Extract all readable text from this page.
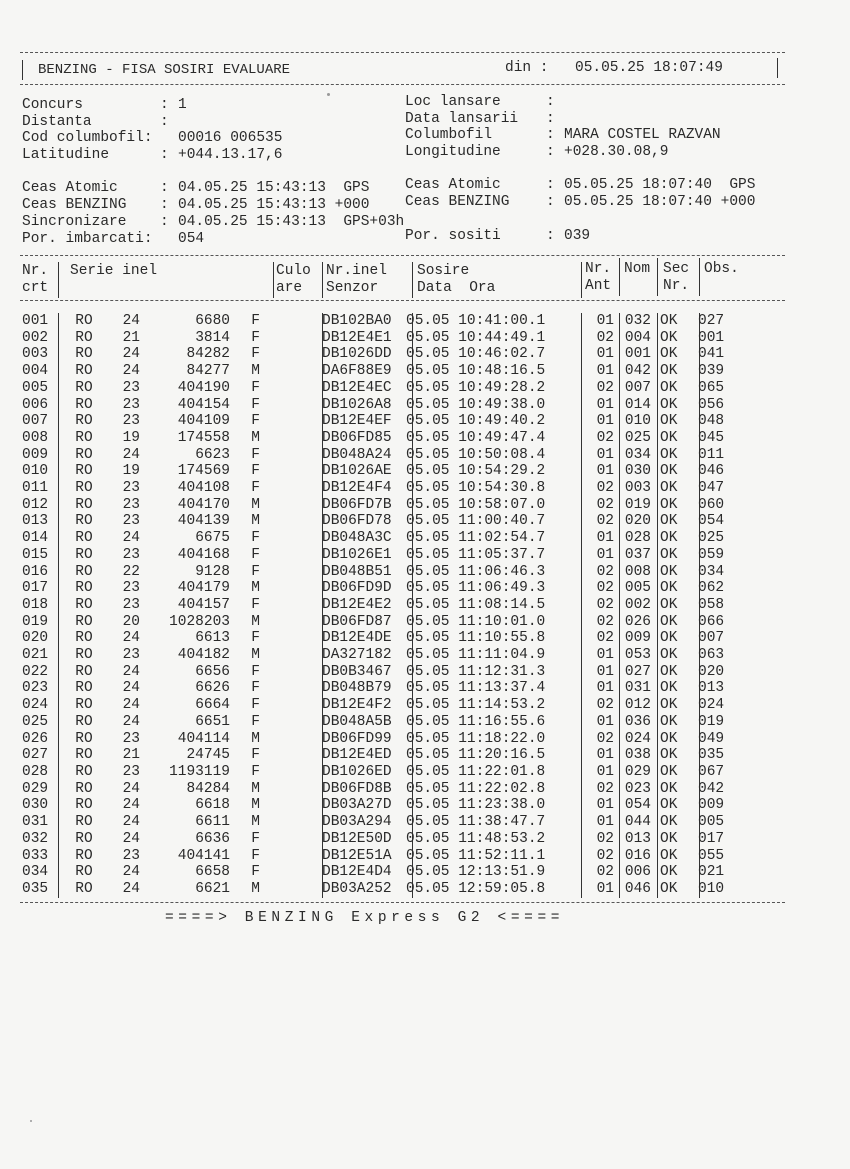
BENZING - FISA SOSIRI EVALUARE	din : 05.05.25 18:07:49
Concurs	: 1
Distanta	:
Cod columbofil: 00016 006535
Latitudine	: +044.13.17,6
Loc lansare	:
Data lansarii :
Columbofil	: MARA COSTEL RAZVAN
Longitudine	: +028.30.08,9
Ceas Atomic	: 04.05.25 15:43:13  GPS
Ceas BENZING : 04.05.25 15:43:13 +000
Sincronizare : 04.05.25 15:43:13  GPS+03h
Por. imbarcati: 054
Ceas Atomic	: 05.05.25 18:07:40  GPS
Ceas BENZING	: 05.05.25 18:07:40 +000
Por. sositi	: 039
Nr.
crt
Serie inel	Culo
are
Nr.inel
Senzor
Sosire
Data  Ora
Nr.
Ant
Nom Sec
Nr.
Obs.
001	RO	24	6680	F		DB102BA0	05.05 10:41:00.1	01	032	OK	027
002	RO	21	3814	F		DB12E4E1	05.05 10:44:49.1	02	004	OK	001
003	RO	24	84282	F		DB1026DD	05.05 10:46:02.7	01	001	OK	041
004	RO	24	84277	M		DA6F88E9	05.05 10:48:16.5	01	042	OK	039
005	RO	23	404190	F		DB12E4EC	05.05 10:49:28.2	02	007	OK	065
006	RO	23	404154	F		DB1026A8	05.05 10:49:38.0	01	014	OK	056
007	RO	23	404109	F		DB12E4EF	05.05 10:49:40.2	01	010	OK	048
008	RO	19	174558	M		DB06FD85	05.05 10:49:47.4	02	025	OK	045
009	RO	24	6623	F		DB048A24	05.05 10:50:08.4	01	034	OK	011
010	RO	19	174569	F		DB1026AE	05.05 10:54:29.2	01	030	OK	046
011	RO	23	404108	F		DB12E4F4	05.05 10:54:30.8	02	003	OK	047
012	RO	23	404170	M		DB06FD7B	05.05 10:58:07.0	02	019	OK	060
013	RO	23	404139	M		DB06FD78	05.05 11:00:40.7	02	020	OK	054
014	RO	24	6675	F		DB048A3C	05.05 11:02:54.7	01	028	OK	025
015	RO	23	404168	F		DB1026E1	05.05 11:05:37.7	01	037	OK	059
016	RO	22	9128	F		DB048B51	05.05 11:06:46.3	02	008	OK	034
017	RO	23	404179	M		DB06FD9D	05.05 11:06:49.3	02	005	OK	062
018	RO	23	404157	F		DB12E4E2	05.05 11:08:14.5	02	002	OK	058
019	RO	20	1028203	M		DB06FD87	05.05 11:10:01.0	02	026	OK	066
020	RO	24	6613	F		DB12E4DE	05.05 11:10:55.8	02	009	OK	007
021	RO	23	404182	M		DA327182	05.05 11:11:04.9	01	053	OK	063
022	RO	24	6656	F		DB0B3467	05.05 11:12:31.3	01	027	OK	020
023	RO	24	6626	F		DB048B79	05.05 11:13:37.4	01	031	OK	013
024	RO	24	6664	F		DB12E4F2	05.05 11:14:53.2	02	012	OK	024
025	RO	24	6651	F		DB048A5B	05.05 11:16:55.6	01	036	OK	019
026	RO	23	404114	M		DB06FD99	05.05 11:18:22.0	02	024	OK	049
027	RO	21	24745	F		DB12E4ED	05.05 11:20:16.5	01	038	OK	035
028	RO	23	1193119	F		DB1026ED	05.05 11:22:01.8	01	029	OK	067
029	RO	24	84284	M		DB06FD8B	05.05 11:22:02.8	02	023	OK	042
030	RO	24	6618	M		DB03A27D	05.05 11:23:38.0	01	054	OK	009
031	RO	24	6611	M		DB03A294	05.05 11:38:47.7	01	044	OK	005
032	RO	24	6636	F		DB12E50D	05.05 11:48:53.2	02	013	OK	017
033	RO	23	404141	F		DB12E51A	05.05 11:52:11.1	02	016	OK	055
034	RO	24	6658	F		DB12E4D4	05.05 12:13:51.9	02	006	OK	021
035	RO	24	6621	M		DB03A252	05.05 12:59:05.8	01	046	OK	010
====> BENZING Express G2 <====
